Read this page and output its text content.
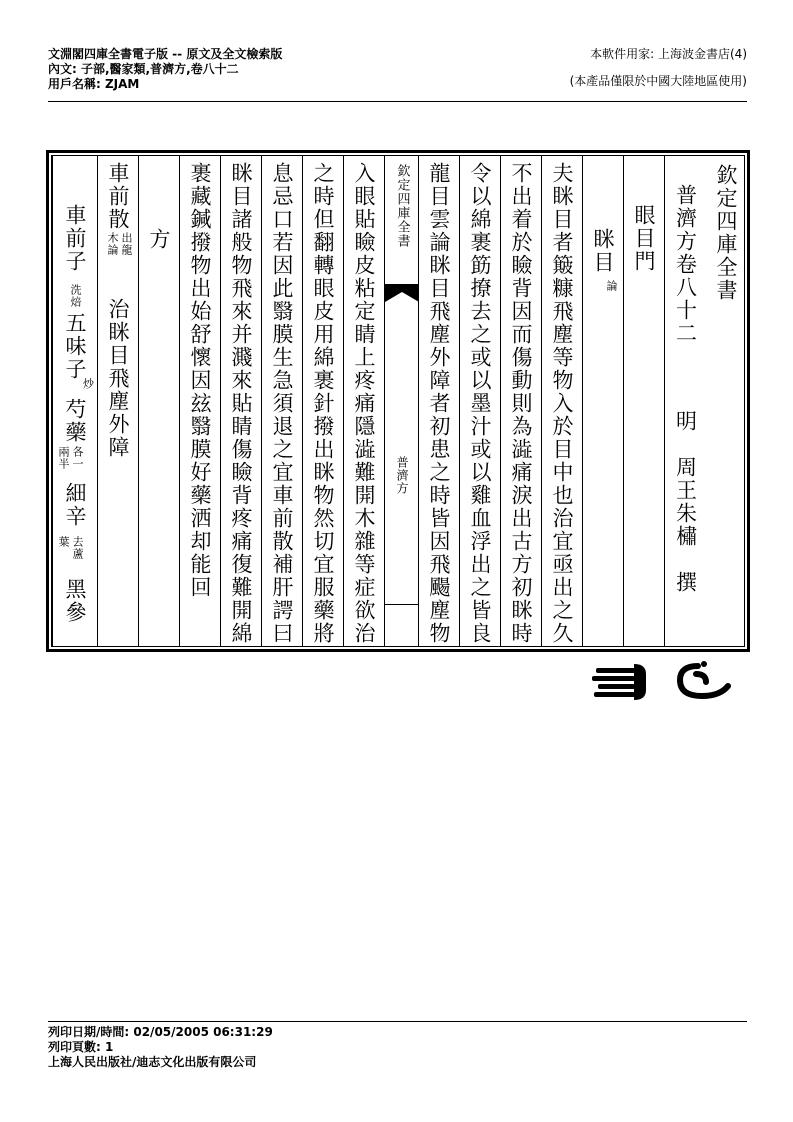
文淵閣四庫全書電子版 -- 原文及全文檢索版
內文: 子部,醫家類,普濟方,卷八十二
用戶名稱: ZJAM
本軟件用家: 上海波金書店(4)
(本產品僅限於中國大陸地區使用)
欽定四庫全書
普濟方卷八十二
明　周王朱橚　撰
眼目門
眯目
論
夫眯目者簸糠飛塵等物入於目中也治宜亟出之久
不出着於瞼背因而傷動則為澁痛淚出古方初眯時
令以綿裹筯撩去之或以墨汁或以雞血浮出之皆良
龍目雲論眯目飛塵外障者初患之時皆因飛颺塵物
欽定四庫全書
普濟方
入眼貼瞼皮粘定睛上疼痛隱澁難開木雜等症欲治
之時但翻轉眼皮用綿裹針撥出眯物然切宜服藥將
息忌口若因此翳膜生急須退之宜車前散補肝諤曰
眯目諸般物飛來并濺來貼睛傷瞼背疼痛復難開綿
裹藏鍼撥物出始舒懷因玆翳膜好藥洒却能回
方
車前散
出龍
木論
治眯目飛塵外障
車前子
洗焙
五味子
炒
芍藥
各一
兩半
細辛
去蘆
葉
黑參
列印日期/時間: 02/05/2005 06:31:29
列印頁數: 1
上海人民出版社/迪志文化出版有限公司
